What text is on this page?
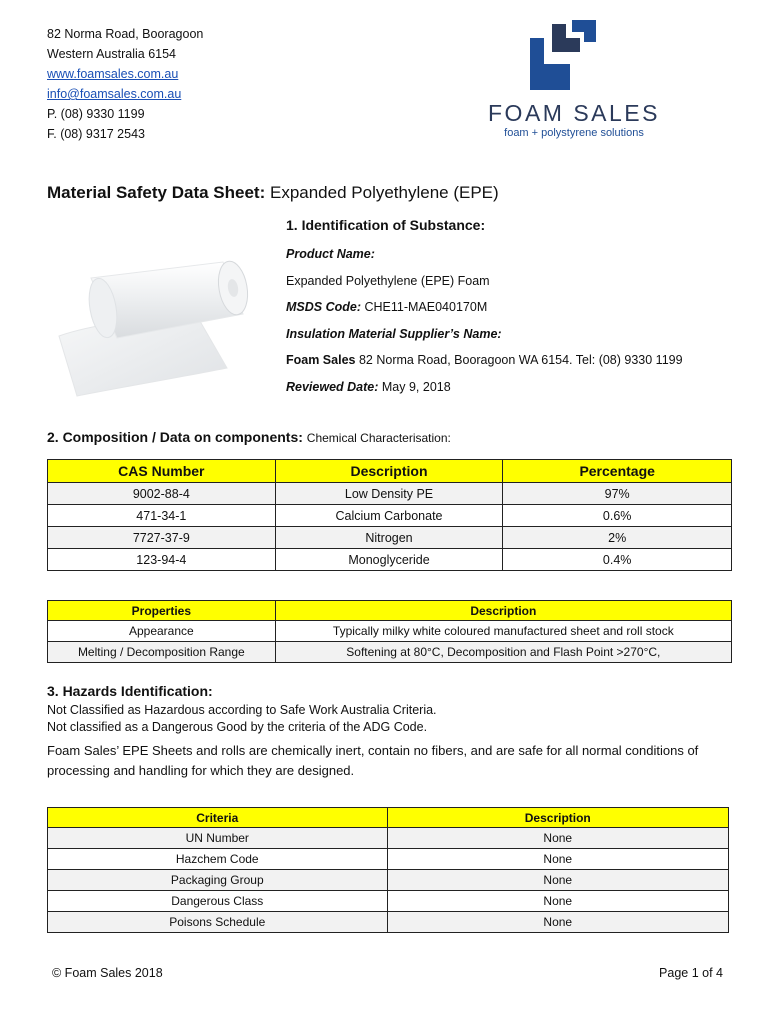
82 Norma Road, Booragoon
Western Australia 6154
www.foamsales.com.au
info@foamsales.com.au
P. (08) 9330 1199
F. (08) 9317 2543
FOAM SALES
foam + polystyrene solutions
Material Safety Data Sheet: Expanded Polyethylene (EPE)
1. Identification of Substance:
Product Name:
Expanded Polyethylene (EPE) Foam
MSDS Code: CHE11-MAE040170M
Insulation Material Supplier’s Name:
Foam Sales 82 Norma Road, Booragoon WA 6154. Tel: (08) 9330 1199
Reviewed Date: May 9, 2018
2. Composition / Data on components: Chemical Characterisation:
CAS Number	Description	Percentage
9002-88-4	Low Density PE	97%
471-34-1	Calcium Carbonate	0.6%
7727-37-9	Nitrogen	2%
123-94-4	Monoglyceride	0.4%
Properties	Description
Appearance	Typically milky white coloured manufactured sheet and roll stock
Melting / Decomposition Range	Softening at 80°C, Decomposition and Flash Point >270°C,
3. Hazards Identification:
Not Classified as Hazardous according to Safe Work Australia Criteria.
Not classified as a Dangerous Good by the criteria of the ADG Code.
Foam Sales’ EPE Sheets and rolls are chemically inert, contain no fibers, and are safe for all normal conditions of processing and handling for which they are designed.
Criteria	Description
UN Number	None
Hazchem Code	None
Packaging Group	None
Dangerous Class	None
Poisons Schedule	None
© Foam Sales 2018	Page 1 of 4
